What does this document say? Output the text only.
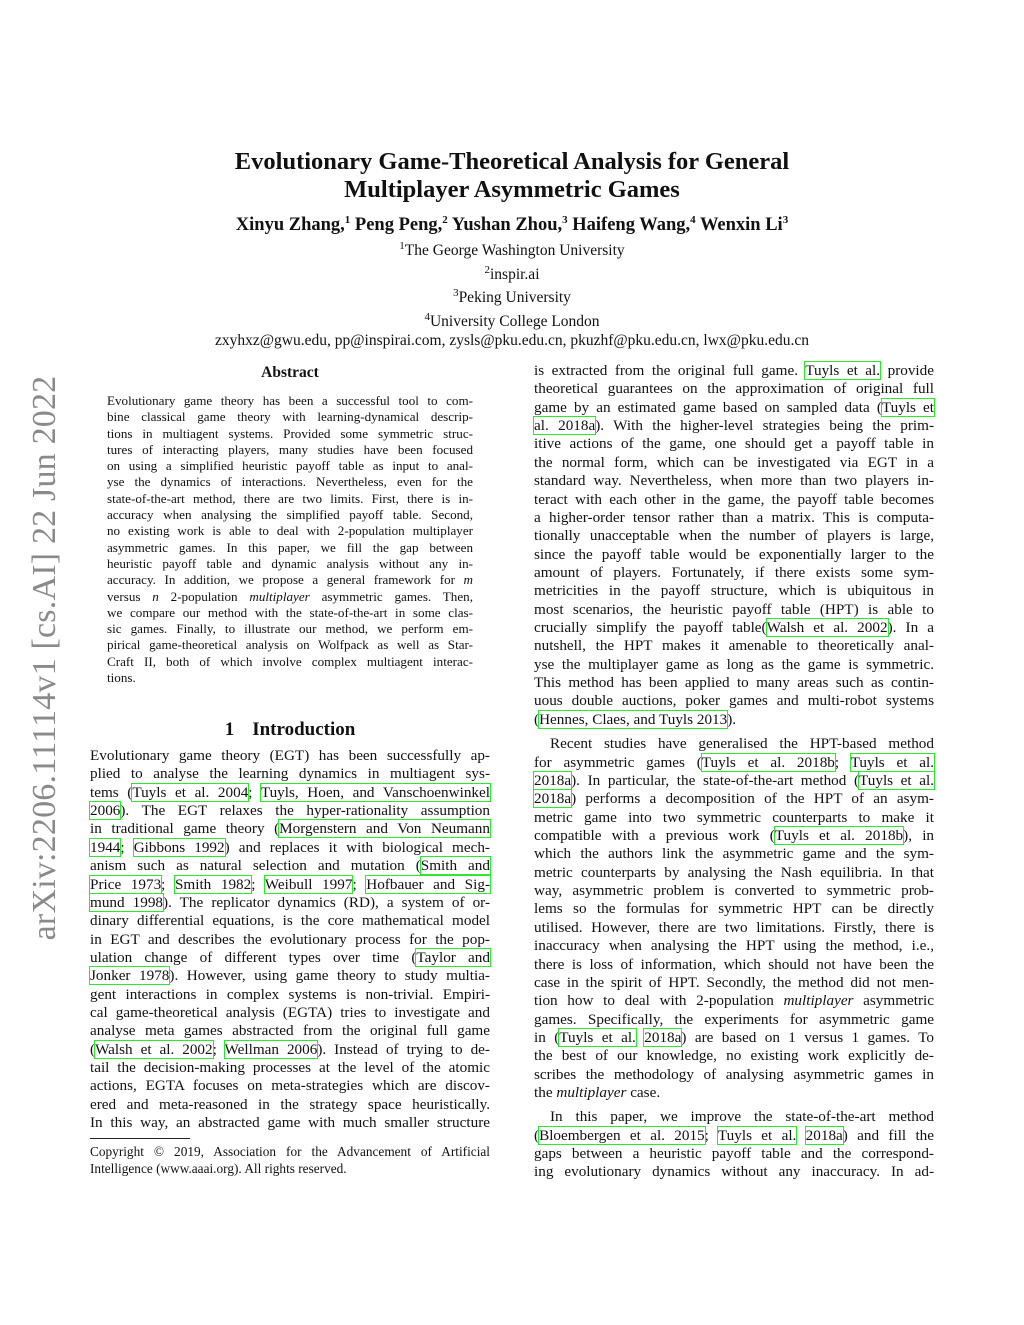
arXiv:2206.11114v1 [cs.AI] 22 Jun 2022
Evolutionary Game-Theoretical Analysis for General
Multiplayer Asymmetric Games
Xinyu Zhang,$^1$ Peng Peng,$^2$ Yushan Zhou,$^3$ Haifeng Wang,$^4$ Wenxin Li$^3$
$^1$The George Washington University
$^2$inspir.ai
$^3$Peking University
$^4$University College London
zxyhxz@gwu.edu, pp@inspirai.com, zysls@pku.edu.cn, pkuzhf@pku.edu.cn, lwx@pku.edu.cn
Abstract
Evolutionary game theory has been a successful tool to com-
bine classical game theory with learning-dynamical descrip-
tions in multiagent systems. Provided some symmetric struc-
tures of interacting players, many studies have been focused
on using a simplified heuristic payoff table as input to anal-
yse the dynamics of interactions. Nevertheless, even for the
state-of-the-art method, there are two limits. First, there is in-
accuracy when analysing the simplified payoff table. Second,
no existing work is able to deal with 2-population multiplayer
asymmetric games. In this paper, we fill the gap between
heuristic payoff table and dynamic analysis without any in-
accuracy. In addition, we propose a general framework for m
versus n 2-population multiplayer asymmetric games. Then,
we compare our method with the state-of-the-art in some clas-
sic games. Finally, to illustrate our method, we perform em-
pirical game-theoretical analysis on Wolfpack as well as Star-
Craft II, both of which involve complex multiagent interac-
tions.
1 Introduction
Evolutionary game theory (EGT) has been successfully ap-
plied to analyse the learning dynamics in multiagent sys-
tems (Tuyls et al. 2004; Tuyls, Hoen, and Vanschoenwinkel
2006). The EGT relaxes the hyper-rationality assumption
in traditional game theory (Morgenstern and Von Neumann
1944; Gibbons 1992) and replaces it with biological mech-
anism such as natural selection and mutation (Smith and
Price 1973; Smith 1982; Weibull 1997; Hofbauer and Sig-
mund 1998). The replicator dynamics (RD), a system of or-
dinary differential equations, is the core mathematical model
in EGT and describes the evolutionary process for the pop-
ulation change of different types over time (Taylor and
Jonker 1978). However, using game theory to study multia-
gent interactions in complex systems is non-trivial. Empiri-
cal game-theoretical analysis (EGTA) tries to investigate and
analyse meta games abstracted from the original full game
(Walsh et al. 2002; Wellman 2006). Instead of trying to de-
tail the decision-making processes at the level of the atomic
actions, EGTA focuses on meta-strategies which are discov-
ered and meta-reasoned in the strategy space heuristically.
In this way, an abstracted game with much smaller structure
Copyright © 2019, Association for the Advancement of Artificial
Intelligence (www.aaai.org). All rights reserved.
is extracted from the original full game. Tuyls et al. provide
theoretical guarantees on the approximation of original full
game by an estimated game based on sampled data (Tuyls et
al. 2018a). With the higher-level strategies being the prim-
itive actions of the game, one should get a payoff table in
the normal form, which can be investigated via EGT in a
standard way. Nevertheless, when more than two players in-
teract with each other in the game, the payoff table becomes
a higher-order tensor rather than a matrix. This is computa-
tionally unacceptable when the number of players is large,
since the payoff table would be exponentially larger to the
amount of players. Fortunately, if there exists some sym-
metricities in the payoff structure, which is ubiquitous in
most scenarios, the heuristic payoff table (HPT) is able to
crucially simplify the payoff table(Walsh et al. 2002). In a
nutshell, the HPT makes it amenable to theoretically anal-
yse the multiplayer game as long as the game is symmetric.
This method has been applied to many areas such as contin-
uous double auctions, poker games and multi-robot systems
(Hennes, Claes, and Tuyls 2013).
Recent studies have generalised the HPT-based method
for asymmetric games (Tuyls et al. 2018b; Tuyls et al.
2018a). In particular, the state-of-the-art method (Tuyls et al.
2018a) performs a decomposition of the HPT of an asym-
metric game into two symmetric counterparts to make it
compatible with a previous work (Tuyls et al. 2018b), in
which the authors link the asymmetric game and the sym-
metric counterparts by analysing the Nash equilibria. In that
way, asymmetric problem is converted to symmetric prob-
lems so the formulas for symmetric HPT can be directly
utilised. However, there are two limitations. Firstly, there is
inaccuracy when analysing the HPT using the method, i.e.,
there is loss of information, which should not have been the
case in the spirit of HPT. Secondly, the method did not men-
tion how to deal with 2-population multiplayer asymmetric
games. Specifically, the experiments for asymmetric game
in (Tuyls et al. 2018a) are based on 1 versus 1 games. To
the best of our knowledge, no existing work explicitly de-
scribes the methodology of analysing asymmetric games in
the multiplayer case.
In this paper, we improve the state-of-the-art method
(Bloembergen et al. 2015; Tuyls et al. 2018a) and fill the
gaps between a heuristic payoff table and the correspond-
ing evolutionary dynamics without any inaccuracy. In ad-
